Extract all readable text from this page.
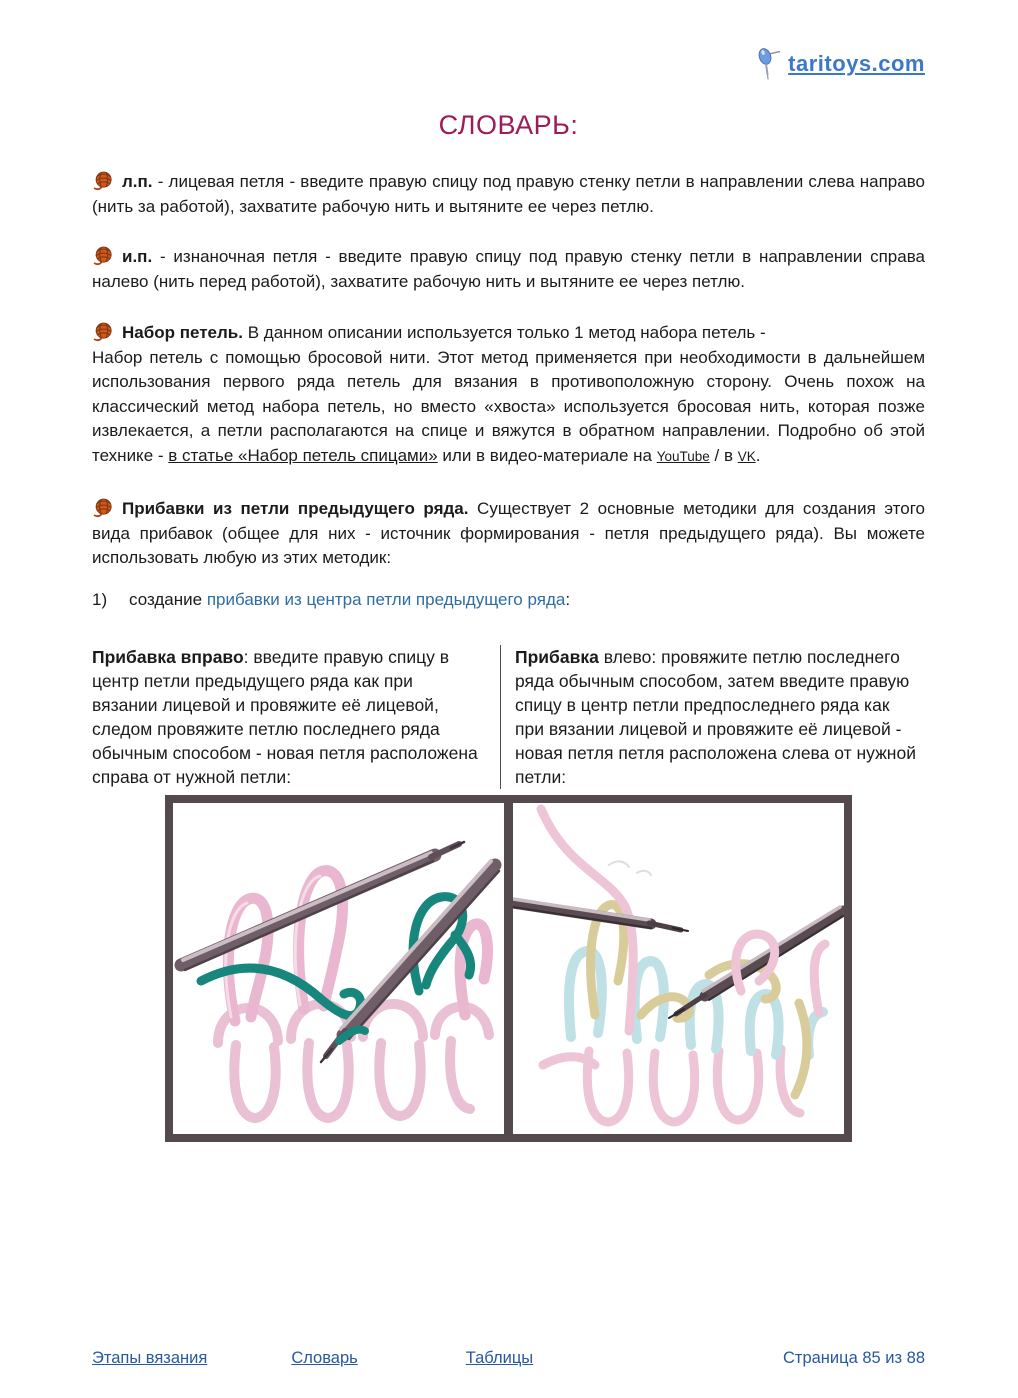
taritoys.com
СЛОВАРЬ:

л.п. - лицевая петля - введите правую спицу под правую стенку петли в направлении слева направо (нить за работой), захватите рабочую нить и вытяните ее через петлю.

и.п. - изнаночная петля - введите правую спицу под правую стенку петли в направлении справа налево (нить перед работой), захватите рабочую нить и вытяните ее через петлю.

Набор петель. В данном описании используется только 1 метод набора петель -
Набор петель с помощью бросовой нити. Этот метод применяется при необходимости в дальнейшем использования первого ряда петель для вязания в противоположную сторону. Очень похож на классический метод набора петель, но вместо «хвоста» используется бросовая нить, которая позже извлекается, а петли располагаются на спице и вяжутся в обратном направлении. Подробно об этой технике - в статье «Набор петель спицами» или в видео-материале на YouTube / в VK.

Прибавки из петли предыдущего ряда. Существует 2 основные методики для создания этого вида прибавок (общее для них - источник формирования - петля предыдущего ряда). Вы можете использовать любую из этих методик:

1) создание прибавки из центра петли предыдущего ряда:
Прибавка вправо: введите правую спицу в центр петли предыдущего ряда как при вязании лицевой и провяжите её лицевой, следом провяжите петлю последнего ряда обычным способом - новая петля расположена справа от нужной петли:
Прибавка влево: провяжите петлю последнего ряда обычным способом, затем введите правую спицу в центр петли предпоследнего ряда как при вязании лицевой и провяжите её лицевой - новая петля петля расположена слева от нужной петли:
Этапы вязания	Словарь	Таблицы	Страница 85 из 88
